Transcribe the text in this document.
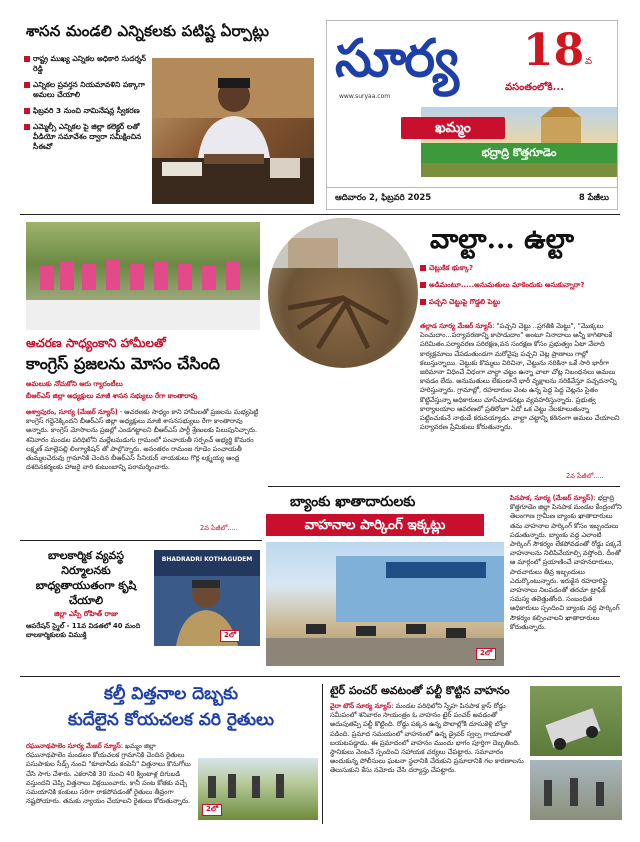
శాసన మండలి ఎన్నికలకు పటిష్ట ఏర్పాట్లు
రాష్ట్ర ముఖ్య ఎన్నికల అధికారి సుదర్శన్ రెడ్డి
ఎన్నికల ప్రవర్తన నియమావళిని పక్కాగా అమలు చేయాలి
ఫిబ్రవరి 3 నుంచి నామినేషన్ల స్వీకరణ
ఎమ్మెల్సీ ఎన్నికల పై జిల్లా కలెక్టర్ లతో వీడియో సమావేశం ద్వారా సమీక్షించిన సీఈవో
సూర్య
www.suryaa.com
18 వ
వసంతంలోకి...
ఖమ్మం
భద్రాద్రి కొత్తగూడెం
ఆదివారం 2, ఫిబ్రవరి 2025	8 పేజీలు
ఆచరణ సాధ్యంకాని హామీలతో
కాంగ్రెస్ ప్రజలను మోసం చేసింది
అమలుకు నోచుకోని ఆరు గ్యారంటీలు
బీఆర్ఎస్ జిల్లా అధ్యక్షులు మాజీ శాసన సభ్యులు రేగా కాంతారావు
అశ్వాపురం, సూర్య (మేజర్ న్యూస్) - ఆచరణకు సాధ్యం కాని హామీలతో ప్రజలను మభ్యపెట్టి కాంగ్రెస్ గద్దెనెక్కిందని బీఆర్ఎస్ జిల్లా అధ్యక్షులు మాజీ శాసనసభ్యులు రేగా కాంతారావు అన్నారు. కాంగ్రెస్ మోసాలను ప్రజల్లో ఎండగట్టాలని బీఆర్ఎస్ పార్టీ శ్రేణులకు పిలుపునిచ్చారు. శనివారం మండల పరిధిలోని మల్లేలమడుగు గ్రామంలో పంచాయతీ సర్పంచ్ అభ్యర్థి కొమరం లక్ష్మణ్ మాల్లెపల్లి లింగ్యాకిషన్ తో పాల్గొన్నారు. అనంతరం రామంజ గూడెం పంచాయతీ తుమ్మలచెరువు గ్రామానికి చెందిన బీఆర్ఎస్ సీనియర్ నాయకులు గొర్ల లక్ష్మయ్య ఆంధ్ర దశదినకర్మలకు హాజరై వారి కుటుంబాన్ని పరామర్శించారు.
2వ పేజీలో.....
బాలకార్మిక వ్యవస్థ నిర్మూలనకు బాధ్యతాయుతంగా కృషి చేయాలి
జిల్లా ఎస్పీ రోహిత్ రాజు
ఆపరేషన్ స్మైల్ - 11వ విడతలో 40 మంది బాలకార్మికులకు విముక్తి
BHADRADRI KOTHAGUDEM
2లో
వాల్టా... ఉల్టా
చెట్లుకిక భుక్కా?
అడిమంటూ.....అనుమతులు మాకెందుకు అనుకున్నారా?
పచ్చని చెట్టుపై గొడ్డలి పెట్టు
తల్లాడ సూర్య మేజర్ న్యూస్: "పచ్చని చెట్టు ..ప్రగతికి మెట్టు", "మొక్కలు పెంచుదాం...పర్యావరణాన్ని కాపాడుదాం" అంటూ నినాదాలు అన్నీ కాగితాలకే పరిమితం.పర్యావరణ పరిరక్షణ,వన సంరక్షణ కోసం ప్రభుత్వం ఏటా వేలాది కార్యక్రమాలు చేపడుతుండగా మరోవైపు పచ్చని చెట్ల ప్రాణాలు గాల్లో కలుస్తున్నాయి. చెట్టుకు కొమ్మలు విరిచినా, చెట్టును నరికినా ఒకే సారి భారీగా జరిమానా విధించే విధంగా వాల్టా చట్టం ఉన్నా చాలా చోట్ల నిబంధనలు అమలు కావడం లేదు. అనుమతులు లేకుండానే భారీ వృక్షాలను నరికివేస్తూ పచ్చదనాన్ని హరిస్తున్నారు. గ్రామాల్లో, రహదారుల వెంట ఉన్న పెద్ద పెద్ద చెట్లను సైతం కొట్టివేస్తున్నా అధికారులు చూసీచూడనట్లు వ్యవహరిస్తున్నారు. ప్రభుత్వ కార్యాలయాల ఆవరణలో ప్రతిరోజూ ఏదో ఒక చెట్టు నేలకూలుతున్నా పట్టించుకునే నాథుడే కరువయ్యాడు. వాల్టా చట్టాన్ని కఠినంగా అమలు చేయాలని పర్యావరణ ప్రేమికులు కోరుతున్నారు.
2వ పేజీలో.....
బ్యాంకు ఖాతాదారులకు
వాహనాల పార్కింగ్ ఇక్కట్లు
2లో
పినపాక, సూర్య (మేజర్ న్యూస్): భద్రాద్రి కొత్తగూడెం జిల్లా పినపాక మండల కేంద్రంలోని తెలంగాణ గ్రామీణ బ్యాంకు ఖాతాదారులు తమ వాహనాల పార్కింగ్ కోసం ఇబ్బందులు పడుతున్నారు. బ్యాంకు వద్ద ఎలాంటి పార్కింగ్ సౌకర్యం లేకపోవడంతో రోడ్డు పక్కనే వాహనాలను నిలిపివేయాల్సి వస్తోంది. దీంతో ఆ మార్గంలో ప్రయాణించే వాహనదారులు, పాదచారులు తీవ్ర ఇబ్బందులు ఎదుర్కొంటున్నారు. ఇరుకైన రహదారిపై వాహనాలు నిలపడంతో తరచూ ట్రాఫిక్ సమస్య తలెత్తుతోంది. సంబంధిత అధికారులు స్పందించి బ్యాంకు వద్ద పార్కింగ్ సౌకర్యం కల్పించాలని ఖాతాదారులు కోరుతున్నారు.
కల్తీ విత్తనాల దెబ్బకు
కుదేలైన కోయచలక వరి రైతులు
రఘునాథపాలెం సూర్య మేజర్ న్యూస్: ఖమ్మం జిల్లా రఘునాథపాలెం మండలం కోయచలక గ్రామానికి చెందిన రైతులు పసుపాకుల సీడ్స్ నుంచి "కూబానీడు కంపెనీ" విత్తనాలు కొనుగోలు చేసి సాగు చేశారు. ఎకరానికి 30 నుంచి 40 క్వింటాళ్ల దిగుబడి వస్తుందని చెప్పి విత్తనాలు విక్రయించారు. కానీ పంట కోతకు వచ్చే సమయానికి కంకులు సరిగా రాకపోవడంతో రైతులు తీవ్రంగా నష్టపోయారు. తమకు న్యాయం చేయాలని రైతులు కోరుతున్నారు.
2లో
టైర్ పంచర్ అవటంతో పల్టీ కొట్టిన వాహనం
వైరా టౌన్ సూర్య న్యూస్: మండల పరిధిలోని స్నేహ పినపాక క్రాస్ రోడ్డు సమీపంలో శనివారం సాయంత్రం ఓ వాహనం టైర్ పంచర్ అవడంతో అదుపుతప్పి పల్టీ కొట్టింది. రోడ్డు పక్కన ఉన్న పొలాల్లోకి దూసుకెళ్లి బోల్తా పడింది. ప్రమాద సమయంలో వాహనంలో ఉన్న డ్రైవర్ స్వల్ప గాయాలతో బయటపడ్డాడు. ఈ ప్రమాదంలో వాహనం ముందు భాగం పూర్తిగా దెబ్బతింది. స్థానికులు వెంటనే స్పందించి సహాయక చర్యలు చేపట్టారు. సమాచారం అందుకున్న పోలీసులు ఘటనా స్థలానికి చేరుకుని ప్రమాదానికి గల కారణాలను తెలుసుకుని కేసు నమోదు చేసి దర్యాప్తు చేపట్టారు.
